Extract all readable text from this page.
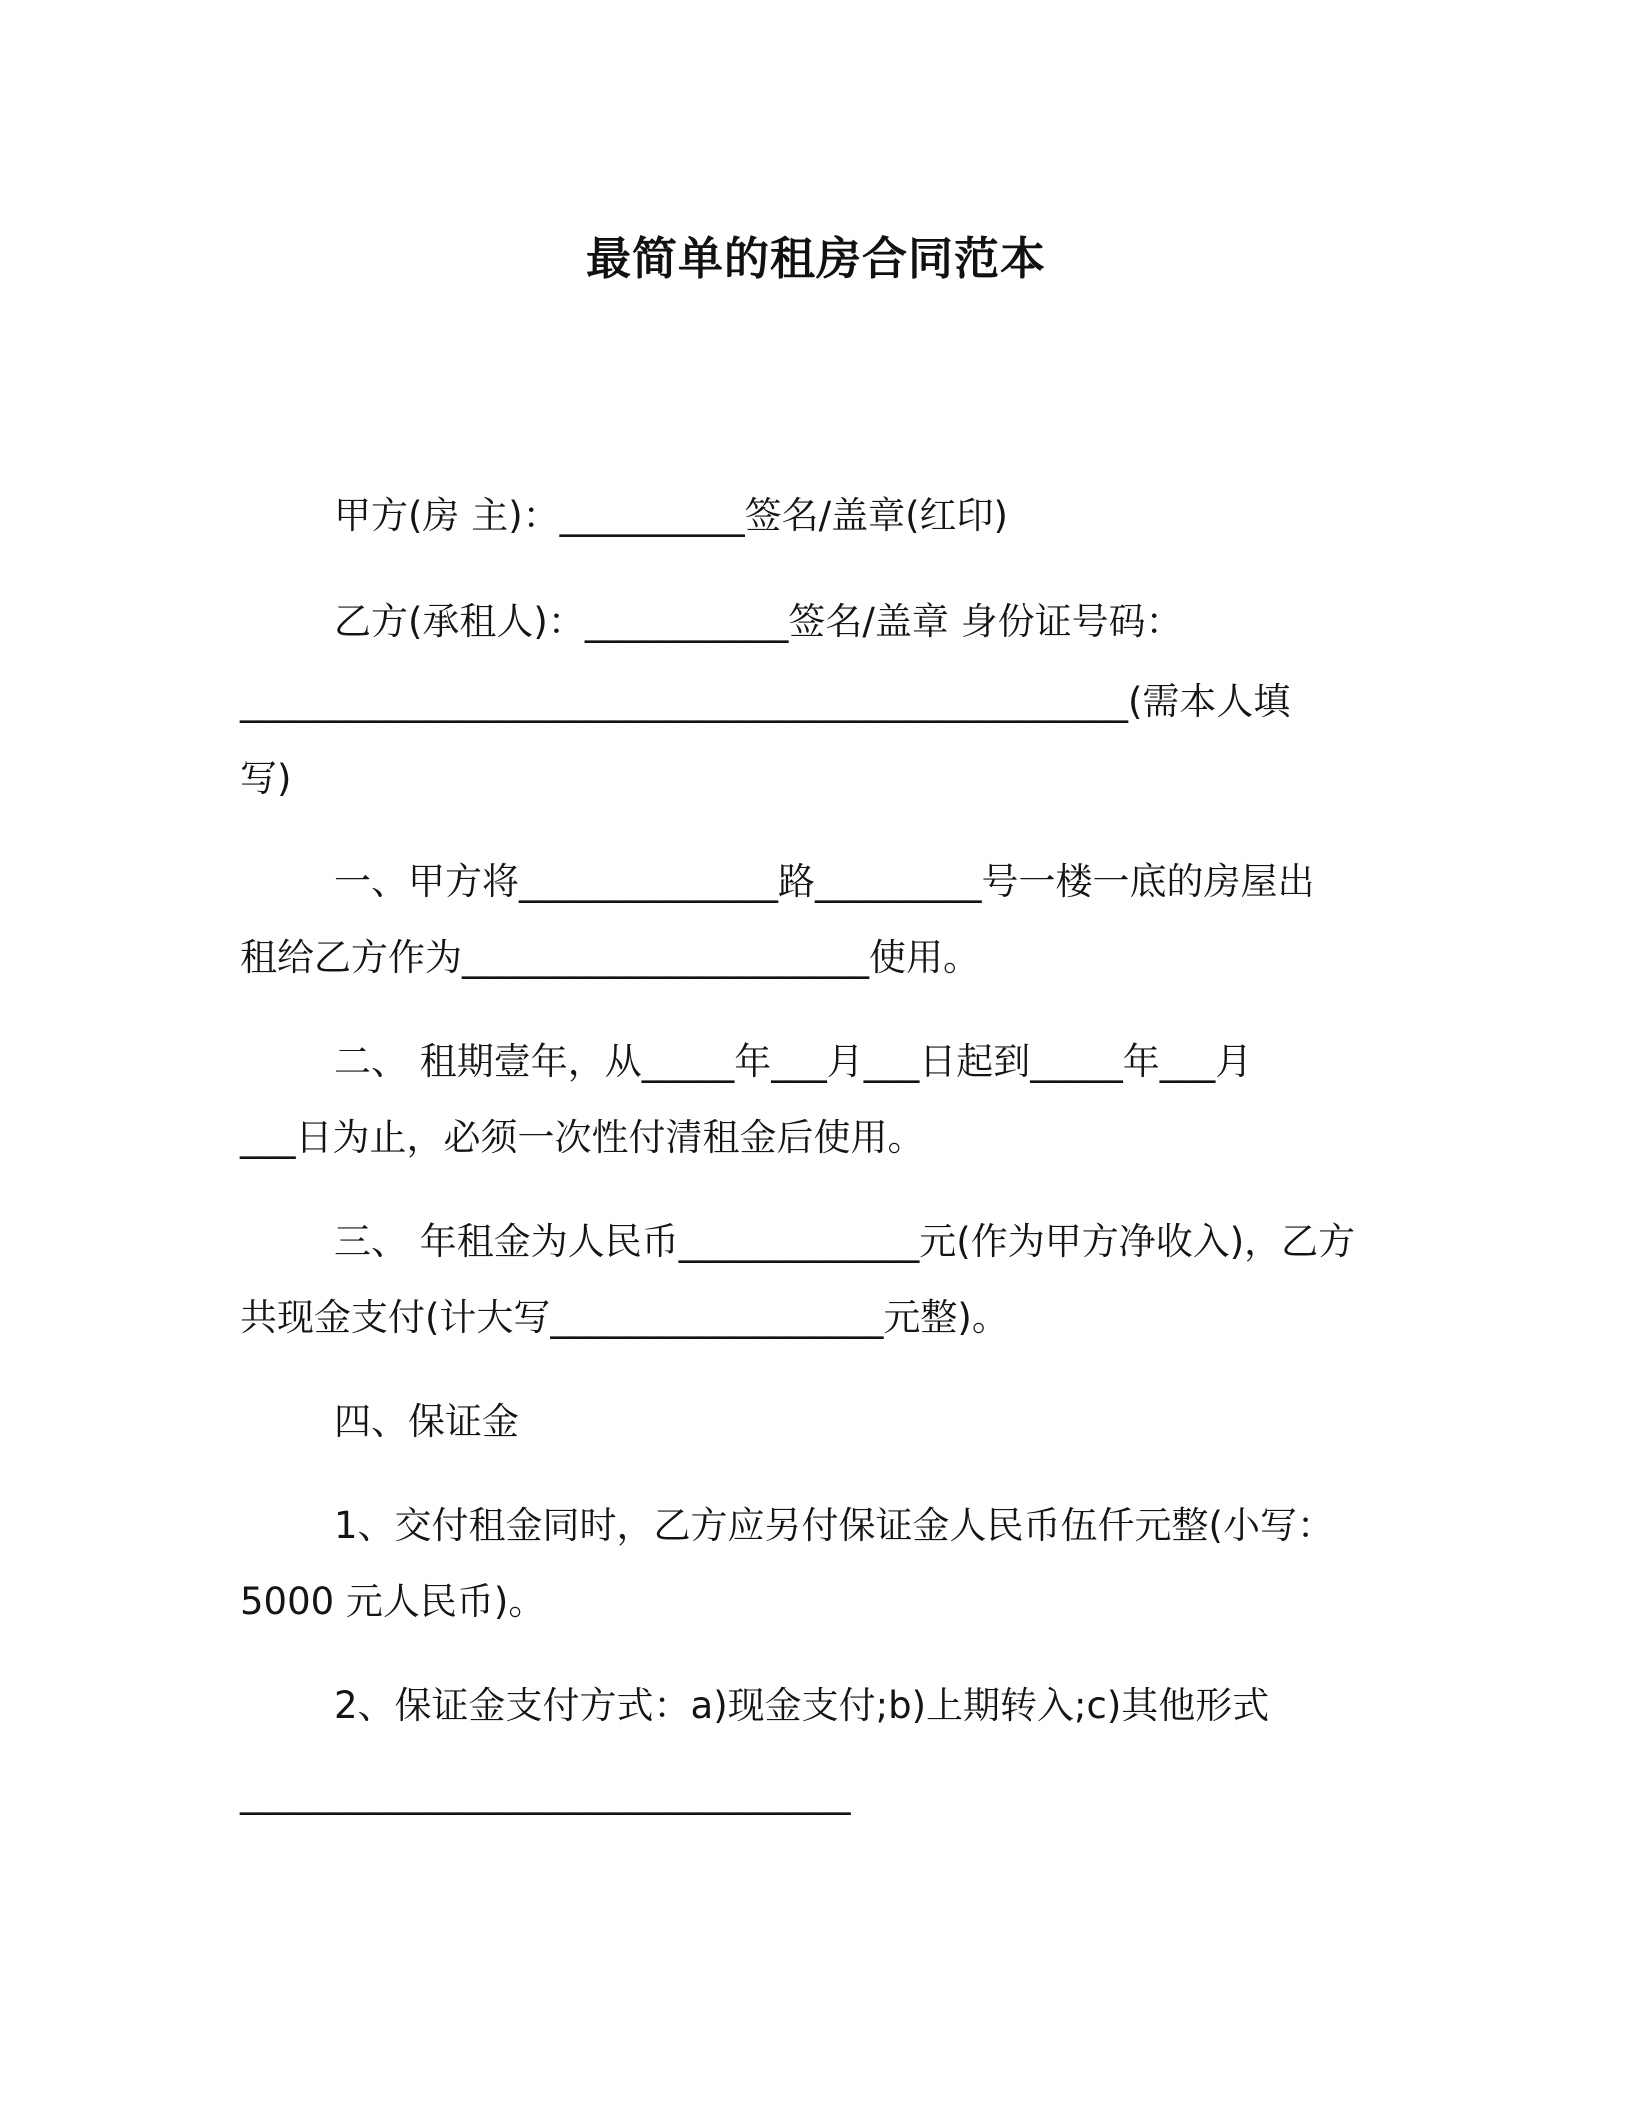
最简单的租房合同范本
甲方(房 主)：__________签名/盖章(红印)
乙方(承租人)：___________签名/盖章 身份证号码：
________________________________________________(需本人填
写)
一、甲方将______________路_________号一楼一底的房屋出
租给乙方作为______________________使用。
二、 租期壹年，从_____年___月___日起到_____年___月
___日为止，必须一次性付清租金后使用。
三、 年租金为人民币_____________元(作为甲方净收入)，乙方
共现金支付(计大写__________________元整)。
四、保证金
1、交付租金同时，乙方应另付保证金人民币伍仟元整(小写：
5000 元人民币)。
2、保证金支付方式：a)现金支付;b)上期转入;c)其他形式
_________________________________
